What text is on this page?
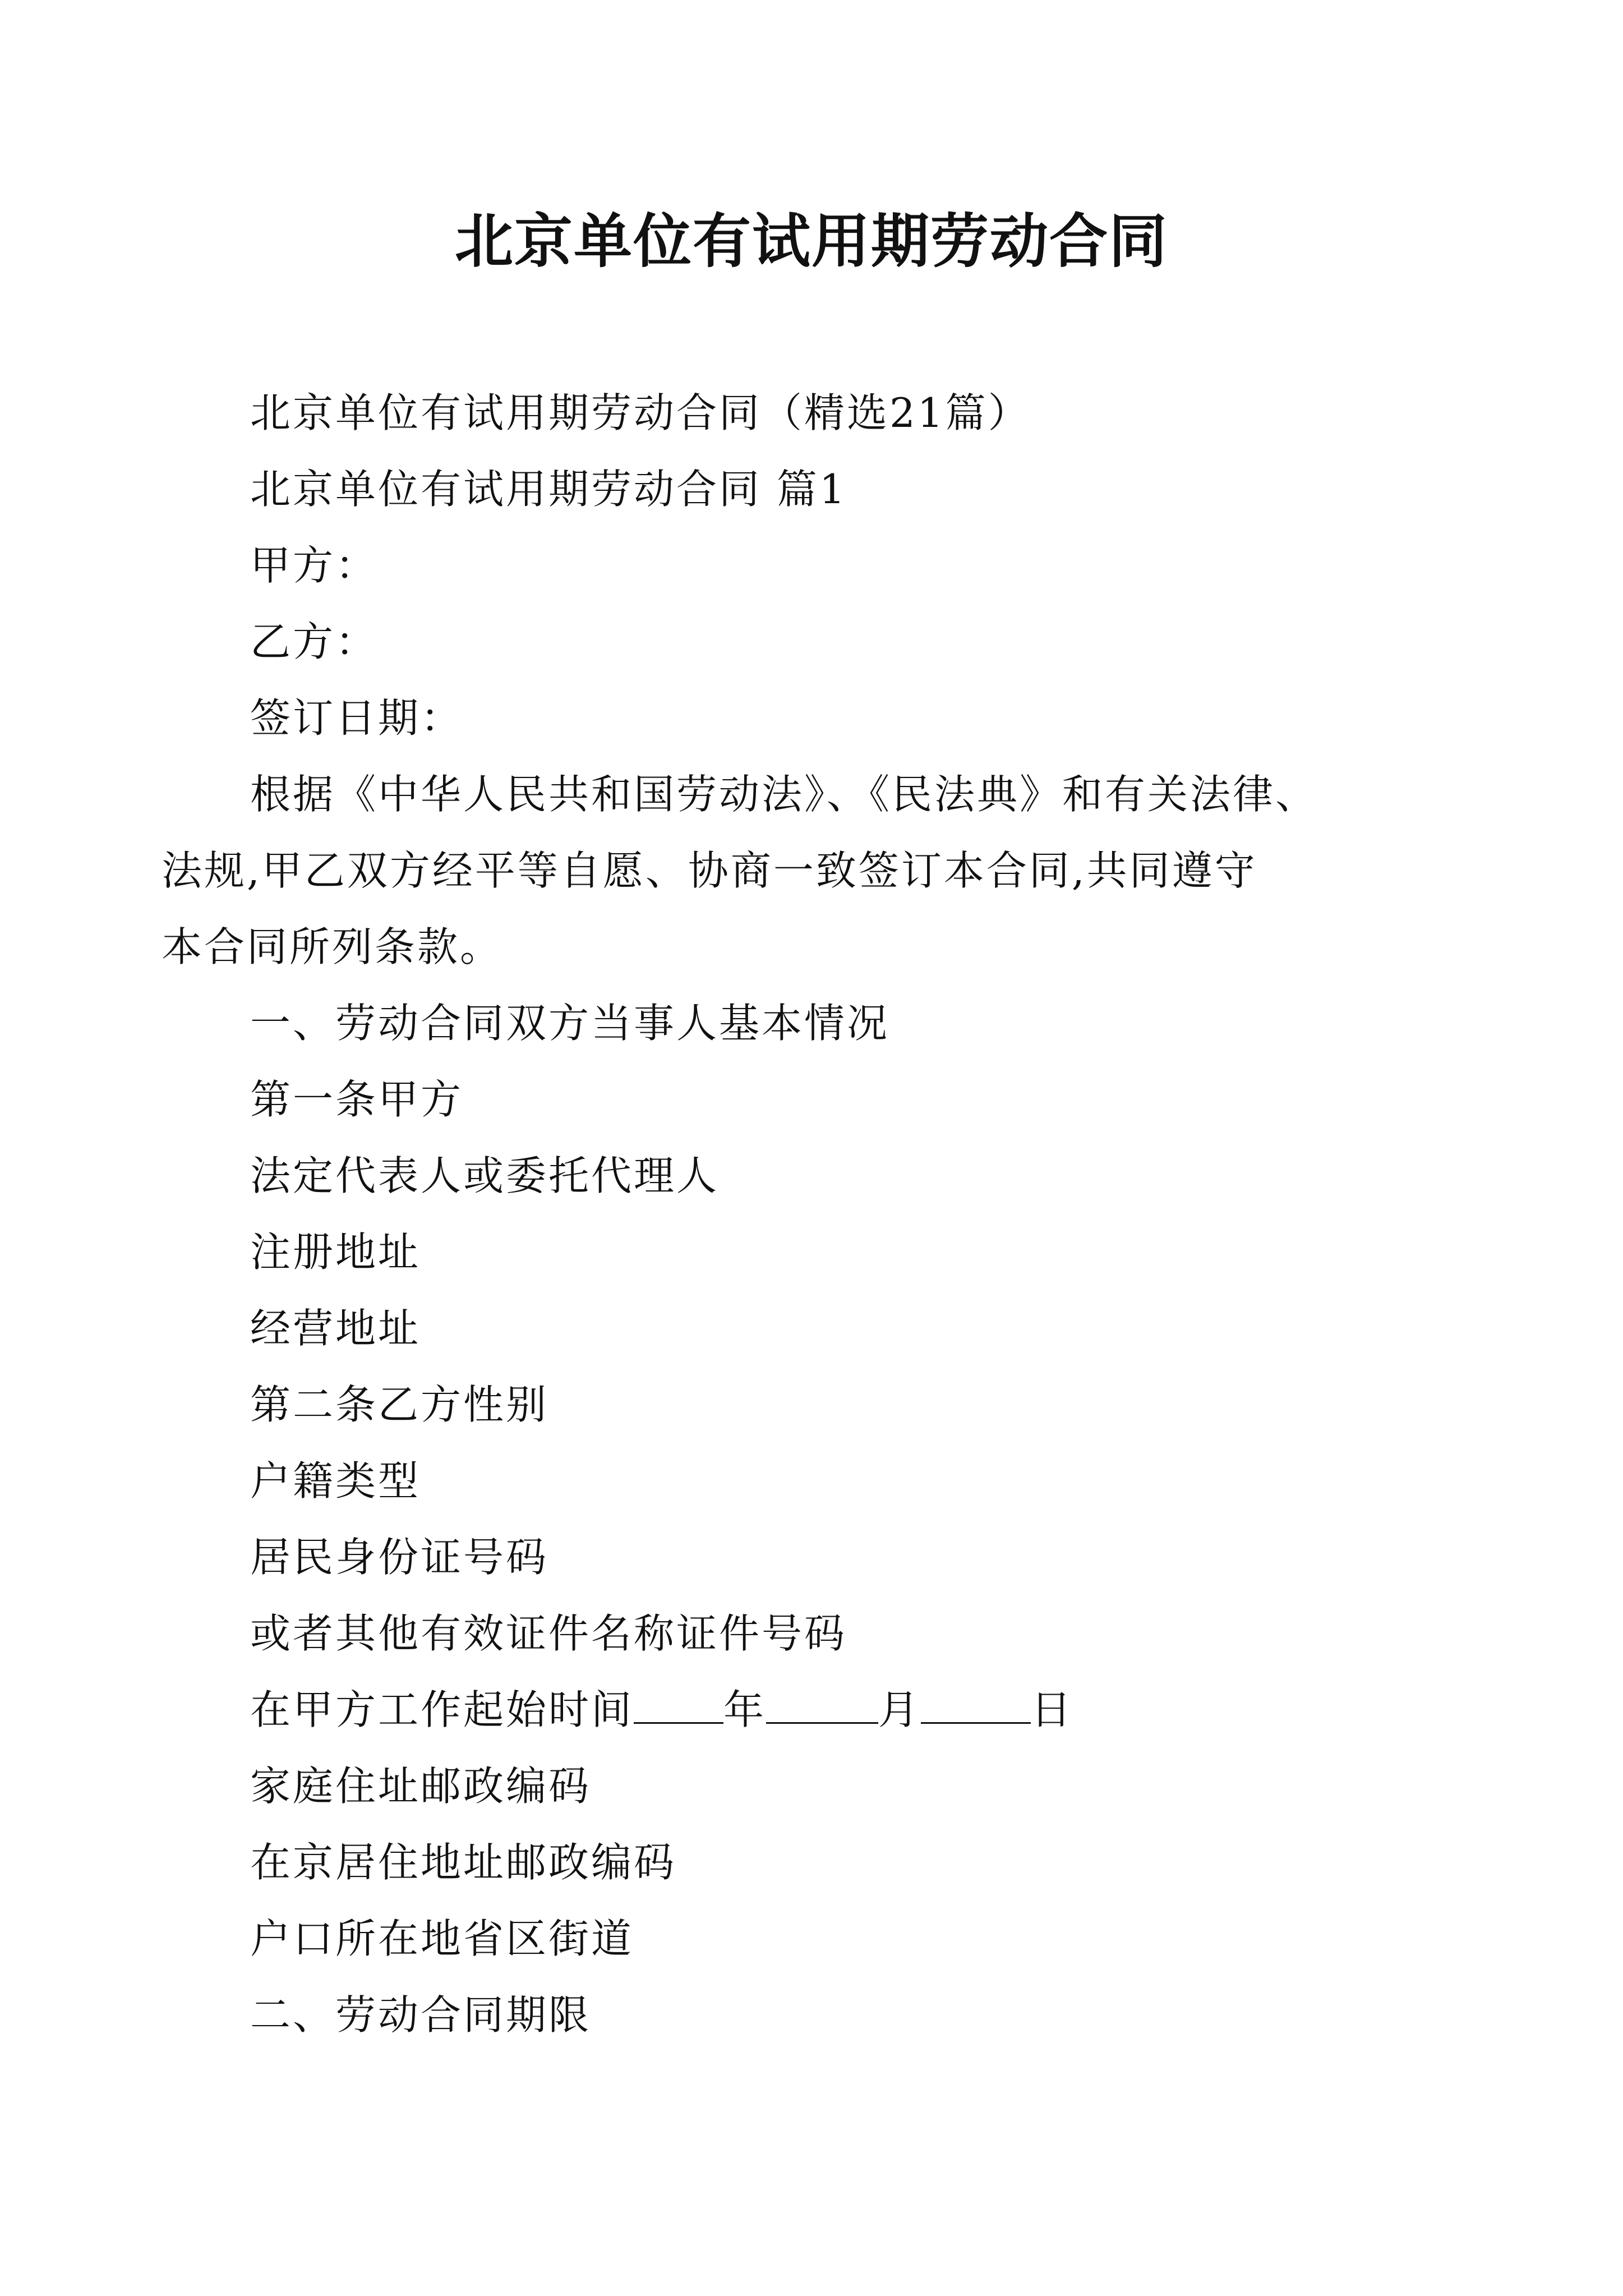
北京单位有试用期劳动合同

北京单位有试用期劳动合同（精选21篇）

北京单位有试用期劳动合同 篇1

甲方：

乙方：

签订日期：

根据《中华人民共和国劳动法》、《民法典》和有关法律、

法规,甲乙双方经平等自愿、协商一致签订本合同,共同遵守

本合同所列条款。

一、劳动合同双方当事人基本情况

第一条甲方

法定代表人或委托代理人

注册地址

经营地址

第二条乙方性别

户籍类型

居民身份证号码

或者其他有效证件名称证件号码

在甲方工作起始时间 年	月	日

家庭住址邮政编码

在京居住地址邮政编码

户口所在地省区街道

二、劳动合同期限
